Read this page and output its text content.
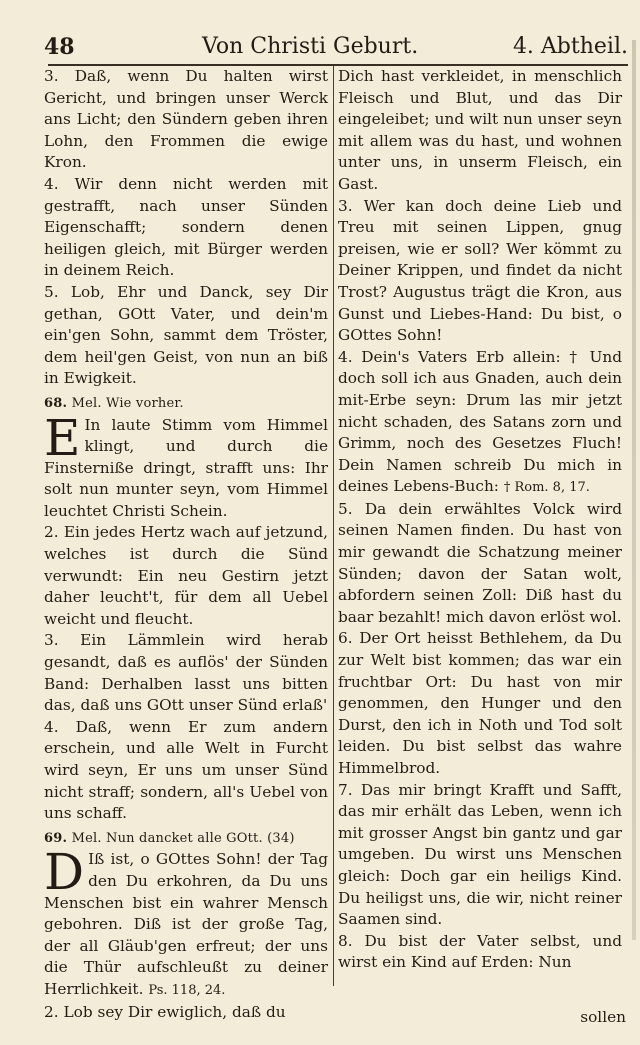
48	Von Christi Geburt.	4. Abtheil.

3. Daß, wenn Du halten wirst Gericht, und bringen unser Werck ans Licht; den Sündern geben ihren Lohn, den Frommen die ewige Kron.

4. Wir denn nicht werden mit gestrafft, nach unser Sünden Eigenschafft; sondern denen heiligen gleich, mit Bürger werden in deinem Reich.

5. Lob, Ehr und Danck, sey Dir gethan, GOtt Vater, und dein'm ein'gen Sohn, sammt dem Tröster, dem heil'gen Geist, von nun an biß in Ewigkeit.

68. Mel. Wie vorher.

E In laute Stimm vom Himmel klingt, und durch die Finsterniße dringt, strafft uns: Ihr solt nun munter seyn, vom Himmel leuchtet Christi Schein.

2. Ein jedes Hertz wach auf jetzund, welches ist durch die Sünd verwundt: Ein neu Gestirn jetzt daher leucht't, für dem all Uebel weicht und fleucht.

3. Ein Lämmlein wird herab gesandt, daß es auflös' der Sünden Band: Derhalben lasst uns bitten das, daß uns GOtt unser Sünd erlaß'

4. Daß, wenn Er zum andern erschein, und alle Welt in Furcht wird seyn, Er uns um unser Sünd nicht straff; sondern, all's Uebel von uns schaff.

69. Mel. Nun dancket alle GOtt. (34)

D Iß ist, o GOttes Sohn! der Tag den Du erkohren, da Du uns Menschen bist ein wahrer Mensch gebohren. Diß ist der große Tag, der all Gläub'gen erfreut; der uns die Thür aufschleußt zu deiner Herrlichkeit. Ps. 118, 24.

2. Lob sey Dir ewiglich, daß du

Dich hast verkleidet, in menschlich Fleisch und Blut, und das Dir eingeleibet; und wilt nun unser seyn mit allem was du hast, und wohnen unter uns, in unserm Fleisch, ein Gast.

3. Wer kan doch deine Lieb und Treu mit seinen Lippen, gnug preisen, wie er soll? Wer kömmt zu Deiner Krippen, und findet da nicht Trost? Augustus trägt die Kron, aus Gunst und Liebes-Hand: Du bist, o GOttes Sohn!

4. Dein's Vaters Erb allein: † Und doch soll ich aus Gnaden, auch dein mit-Erbe seyn: Drum las mir jetzt nicht schaden, des Satans zorn und Grimm, noch des Gesetzes Fluch! Dein Namen schreib Du mich in deines Lebens-Buch: † Rom. 8, 17.

5. Da dein erwähltes Volck wird seinen Namen finden. Du hast von mir gewandt die Schatzung meiner Sünden; davon der Satan wolt, abfordern seinen Zoll: Diß hast du baar bezahlt! mich davon erlöst wol.

6. Der Ort heisst Bethlehem, da Du zur Welt bist kommen; das war ein fruchtbar Ort: Du hast von mir genommen, den Hunger und den Durst, den ich in Noth und Tod solt leiden. Du bist selbst das wahre Himmelbrod.

7. Das mir bringt Krafft und Safft, das mir erhält das Leben, wenn ich mit grosser Angst bin gantz und gar umgeben. Du wirst uns Menschen gleich: Doch gar ein heiligs Kind. Du heiligst uns, die wir, nicht reiner Saamen sind.

8. Du bist der Vater selbst, und wirst ein Kind auf Erden: Nun

sollen
